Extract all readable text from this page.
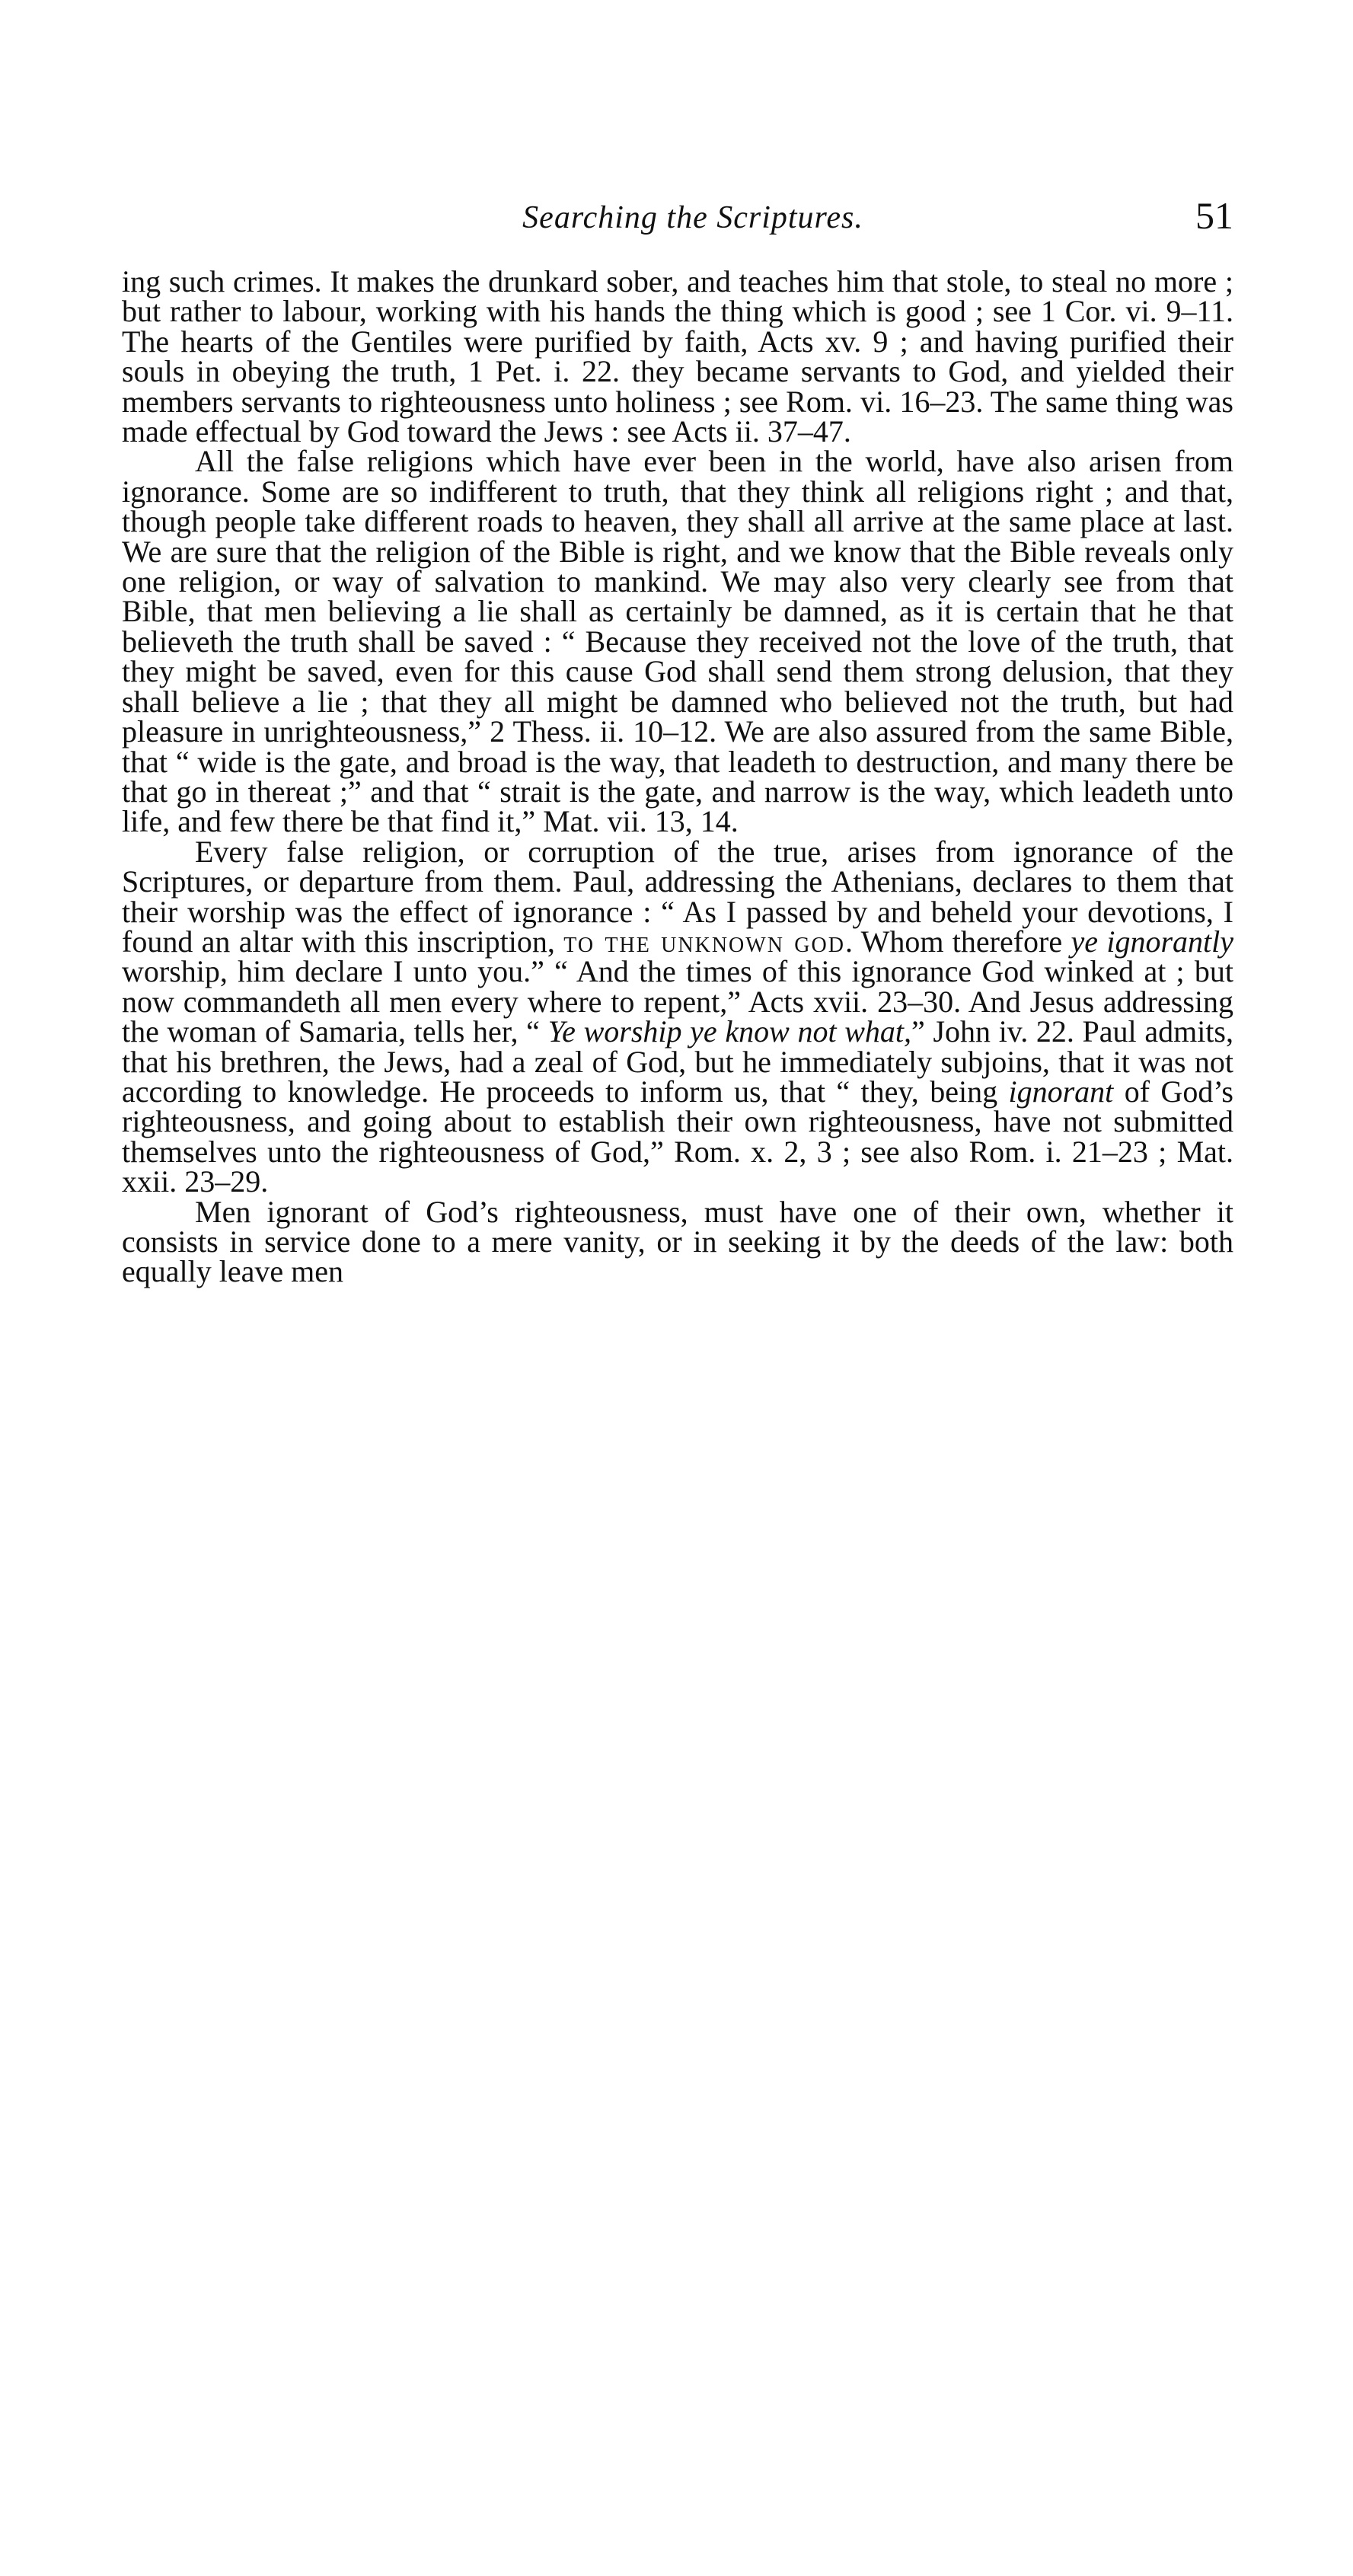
Searching the Scriptures.	51

ing such crimes. It makes the drunkard sober, and teaches him that stole, to steal no more ; but rather to labour, working with his hands the thing which is good ; see 1 Cor. vi. 9–11. The hearts of the Gentiles were purified by faith, Acts xv. 9 ; and having purified their souls in obeying the truth, 1 Pet. i. 22. they became servants to God, and yielded their members servants to righteousness unto holiness ; see Rom. vi. 16–23. The same thing was made effectual by God toward the Jews : see Acts ii. 37–47.

All the false religions which have ever been in the world, have also arisen from ignorance. Some are so indifferent to truth, that they think all religions right ; and that, though people take different roads to heaven, they shall all arrive at the same place at last. We are sure that the religion of the Bible is right, and we know that the Bible reveals only one religion, or way of salvation to mankind. We may also very clearly see from that Bible, that men believing a lie shall as certainly be damned, as it is certain that he that believeth the truth shall be saved : “ Because they received not the love of the truth, that they might be saved, even for this cause God shall send them strong delusion, that they shall believe a lie ; that they all might be damned who believed not the truth, but had pleasure in unrighteousness,” 2 Thess. ii. 10–12. We are also assured from the same Bible, that “ wide is the gate, and broad is the way, that leadeth to destruction, and many there be that go in thereat ;” and that “ strait is the gate, and narrow is the way, which leadeth unto life, and few there be that find it,” Mat. vii. 13, 14.

Every false religion, or corruption of the true, arises from ignorance of the Scriptures, or departure from them. Paul, addressing the Athenians, declares to them that their worship was the effect of ignorance : “ As I passed by and beheld your devotions, I found an altar with this inscription, to the unknown god. Whom therefore ye ignorantly worship, him declare I unto you.” “ And the times of this ignorance God winked at ; but now commandeth all men every where to repent,” Acts xvii. 23–30. And Jesus addressing the woman of Samaria, tells her, “ Ye worship ye know not what,” John iv. 22. Paul admits, that his brethren, the Jews, had a zeal of God, but he immediately subjoins, that it was not according to knowledge. He proceeds to inform us, that “ they, being ignorant of God’s righteousness, and going about to establish their own righteousness, have not submitted themselves unto the righteousness of God,” Rom. x. 2, 3 ; see also Rom. i. 21–23 ; Mat. xxii. 23–29.

Men ignorant of God’s righteousness, must have one of their own, whether it consists in service done to a mere vanity, or in seeking it by the deeds of the law: both equally leave men
